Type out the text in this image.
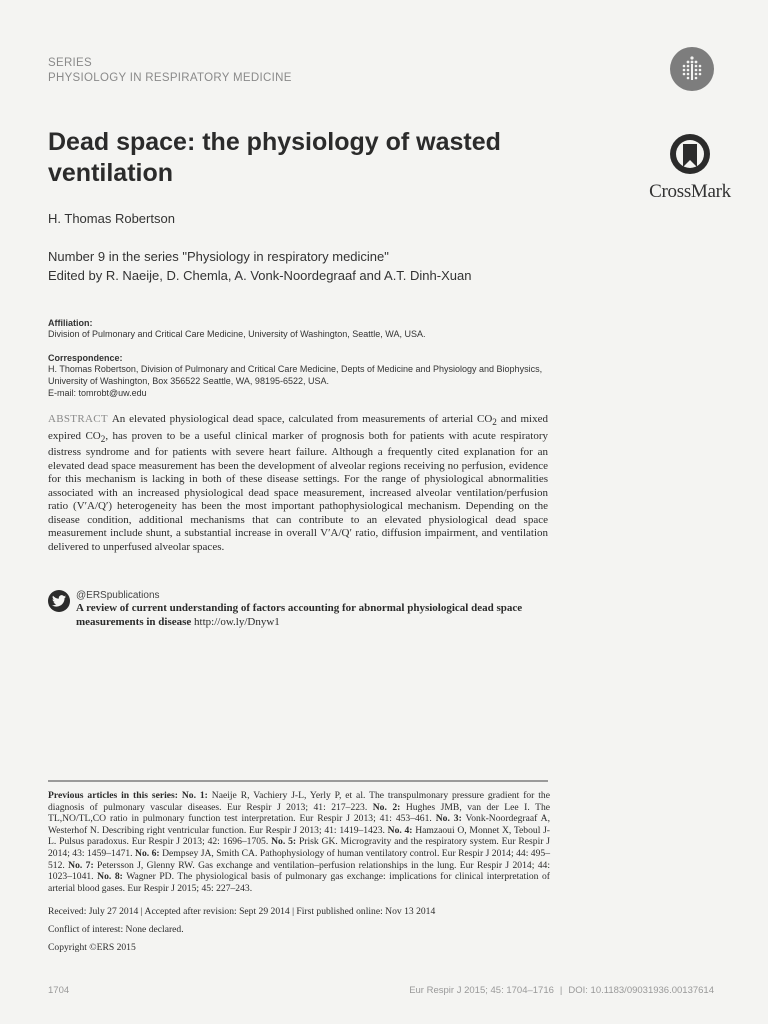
SERIES
PHYSIOLOGY IN RESPIRATORY MEDICINE
CrossMark
Dead space: the physiology of wasted ventilation
H. Thomas Robertson
Number 9 in the series "Physiology in respiratory medicine"
Edited by R. Naeije, D. Chemla, A. Vonk-Noordegraaf and A.T. Dinh-Xuan
Affiliation:
Division of Pulmonary and Critical Care Medicine, University of Washington, Seattle, WA, USA.
Correspondence:
H. Thomas Robertson, Division of Pulmonary and Critical Care Medicine, Depts of Medicine and Physiology and Biophysics, University of Washington, Box 356522 Seattle, WA, 98195-6522, USA.
E-mail: tomrobt@uw.edu
ABSTRACT An elevated physiological dead space, calculated from measurements of arterial $CO_2$ and mixed expired $CO_2$, has proven to be a useful clinical marker of prognosis both for patients with acute respiratory distress syndrome and for patients with severe heart failure. Although a frequently cited explanation for an elevated dead space measurement has been the development of alveolar regions receiving no perfusion, evidence for this mechanism is lacking in both of these disease settings. For the range of physiological abnormalities associated with an increased physiological dead space measurement, increased alveolar ventilation/perfusion ratio (V′A/Q′) heterogeneity has been the most important pathophysiological mechanism. Depending on the disease condition, additional mechanisms that can contribute to an elevated physiological dead space measurement include shunt, a substantial increase in overall V′A/Q′ ratio, diffusion impairment, and ventilation delivered to unperfused alveolar spaces.
@ERSpublications
A review of current understanding of factors accounting for abnormal physiological dead space measurements in disease http://ow.ly/Dnyw1
Previous articles in this series: No. 1: Naeije R, Vachiery J-L, Yerly P, et al. The transpulmonary pressure gradient for the diagnosis of pulmonary vascular diseases. Eur Respir J 2013; 41: 217–223. No. 2: Hughes JMB, van der Lee I. The TL,NO/TL,CO ratio in pulmonary function test interpretation. Eur Respir J 2013; 41: 453–461. No. 3: Vonk-Noordegraaf A, Westerhof N. Describing right ventricular function. Eur Respir J 2013; 41: 1419–1423. No. 4: Hamzaoui O, Monnet X, Teboul J-L. Pulsus paradoxus. Eur Respir J 2013; 42: 1696–1705. No. 5: Prisk GK. Microgravity and the respiratory system. Eur Respir J 2014; 43: 1459–1471. No. 6: Dempsey JA, Smith CA. Pathophysiology of human ventilatory control. Eur Respir J 2014; 44: 495–512. No. 7: Petersson J, Glenny RW. Gas exchange and ventilation–perfusion relationships in the lung. Eur Respir J 2014; 44: 1023–1041. No. 8: Wagner PD. The physiological basis of pulmonary gas exchange: implications for clinical interpretation of arterial blood gases. Eur Respir J 2015; 45: 227–243.
Received: July 27 2014 | Accepted after revision: Sept 29 2014 | First published online: Nov 13 2014
Conflict of interest: None declared.
Copyright ©ERS 2015
1704	Eur Respir J 2015; 45: 1704–1716 | DOI: 10.1183/09031936.00137614
